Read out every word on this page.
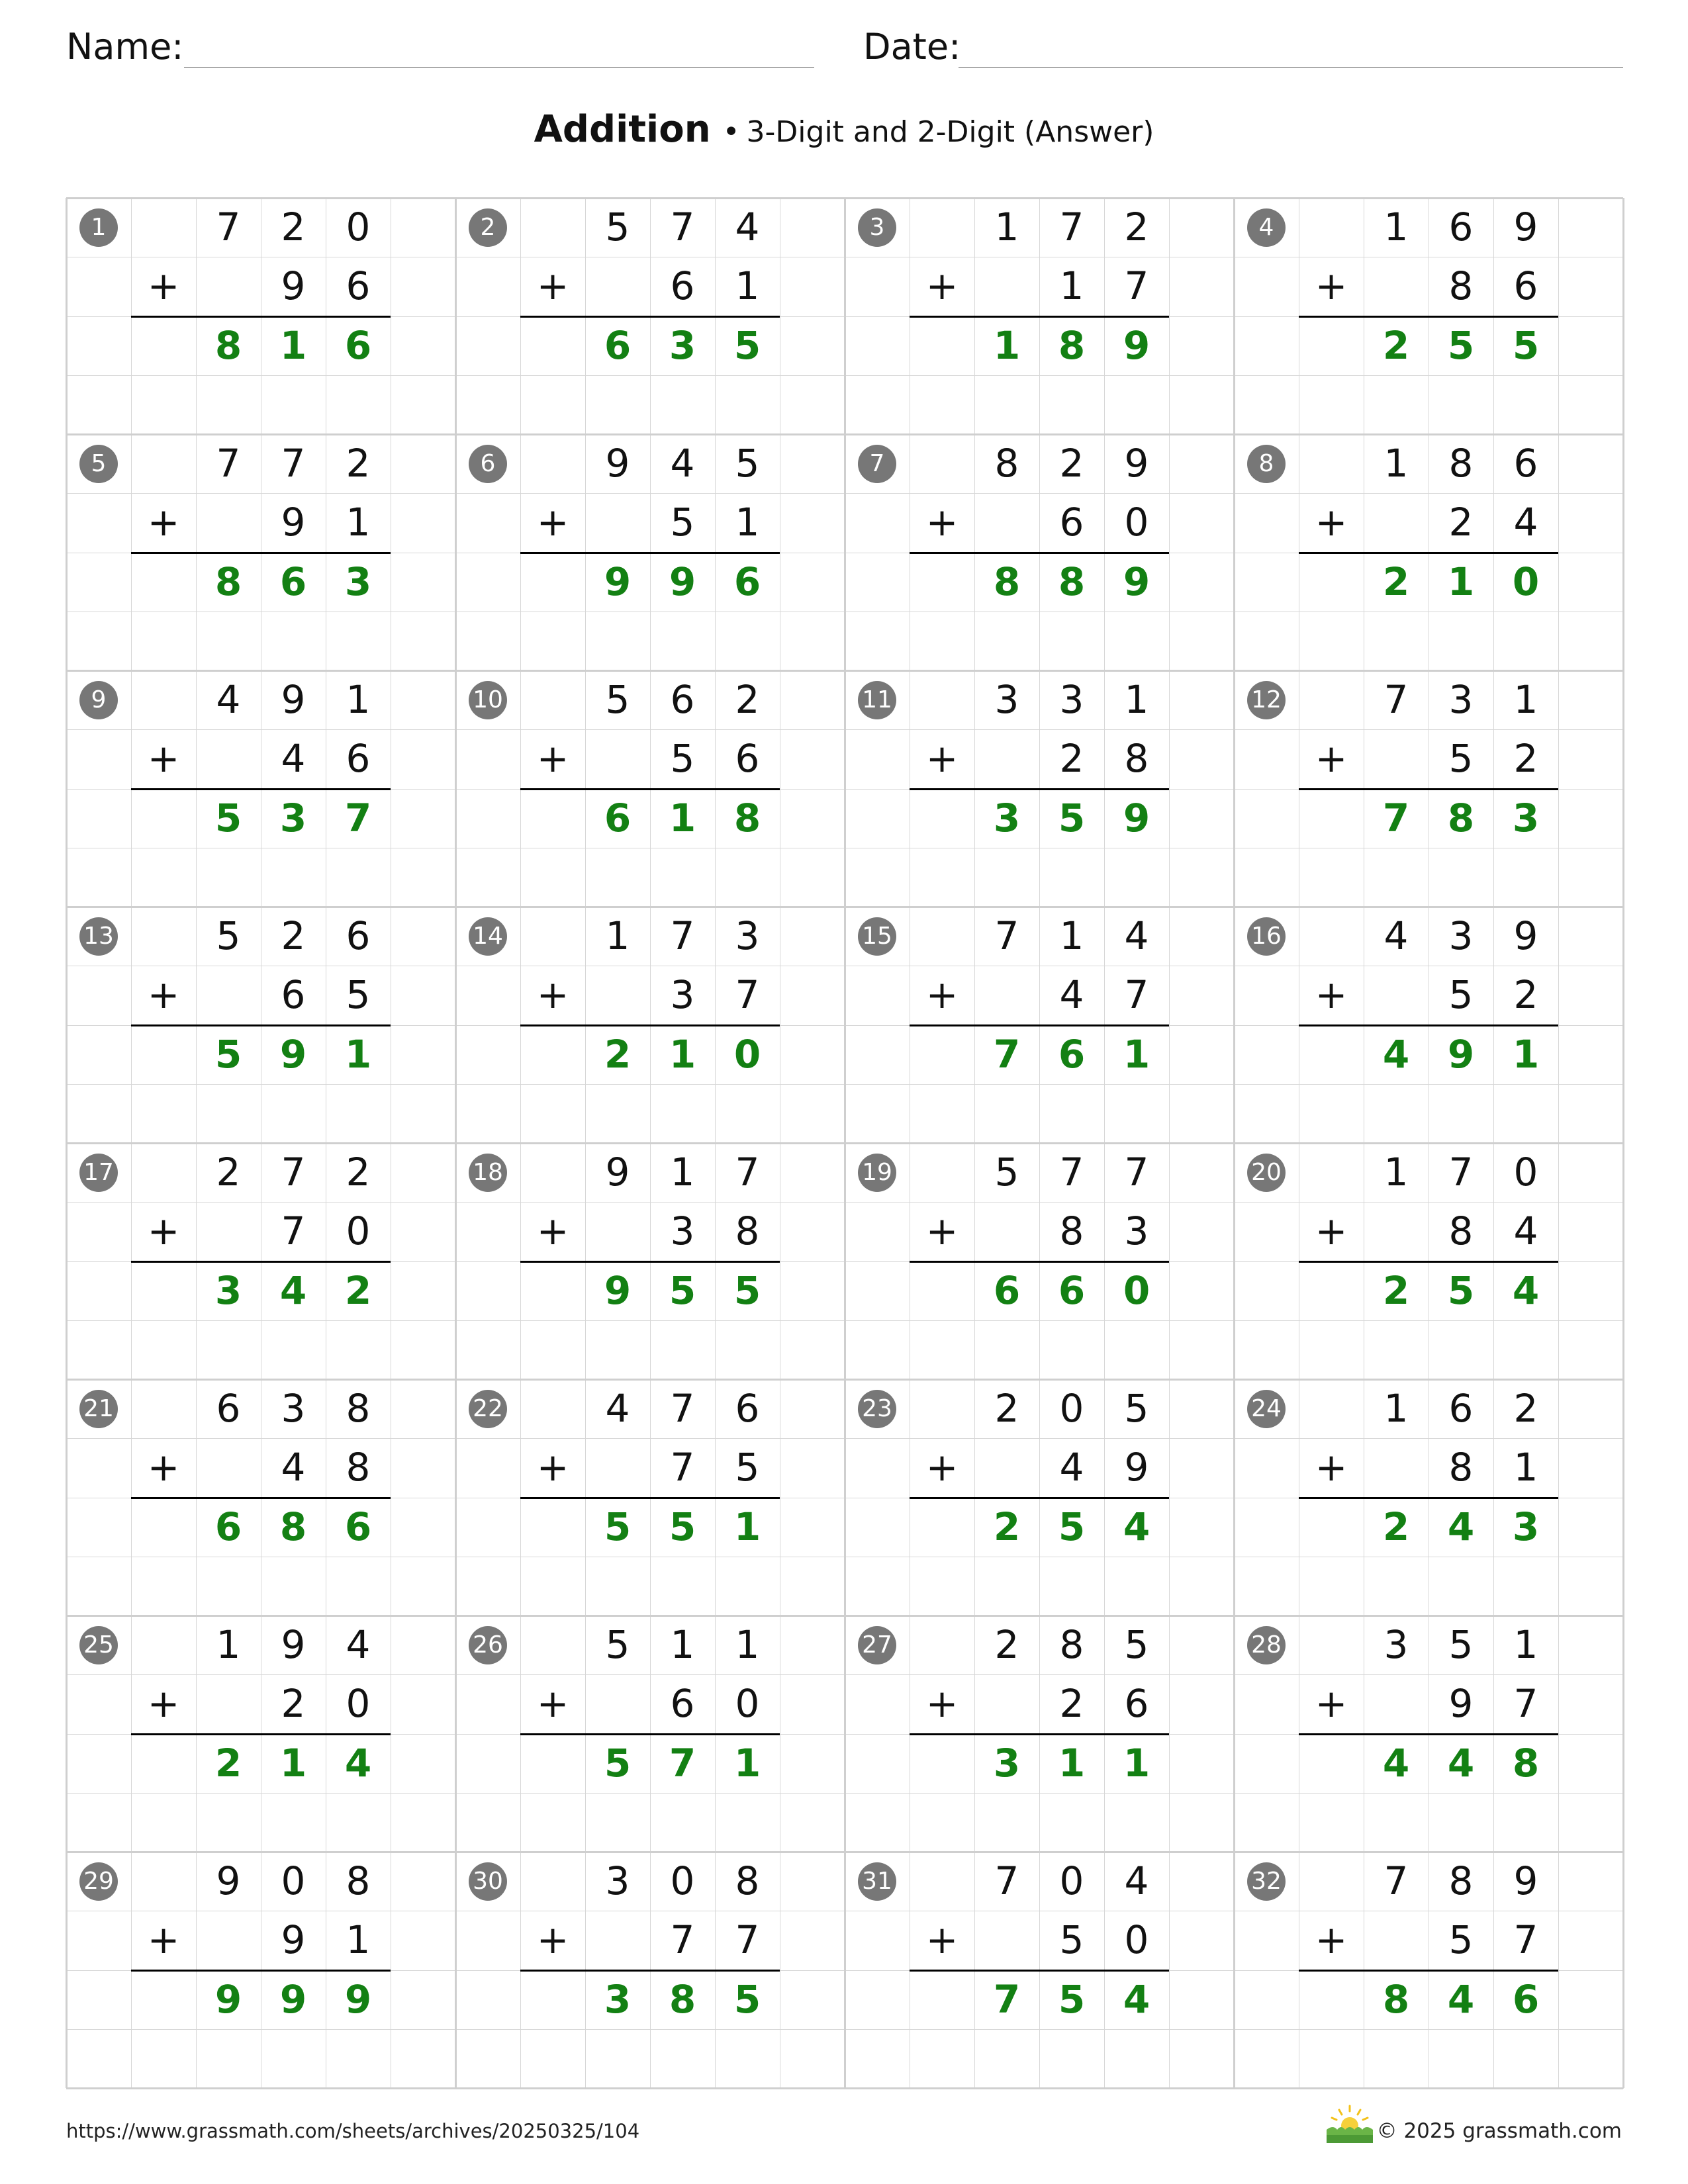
Name:	Date:
Addition • 3-Digit and 2-Digit (Answer)
1	7	2	0
+	9	6
8 1 6
2	5	7	4
+	6	1
6 3 5
3	1	7	2
+	1	7
1 8 9
4	1	6	9
+	8	6
2 5 5
5	7	7	2
+	9	1
8 6 3
6	9	4	5
+	5	1
9 9 6
7	8	2	9
+	6	0
8 8 9
8	1	8	6
+	2	4
2 1 0
9	4	9	1
+	4	6
5 3 7
10	5	6	2
+	5	6
6 1 8
11	3	3	1
+	2	8
3 5 9
12	7	3	1
+	5	2
7 8 3
13	5	2	6
+	6	5
5 9 1
14	1	7	3
+	3	7
2 1 0
15	7	1	4
+	4	7
7 6 1
16	4	3	9
+	5	2
4 9 1
17	2	7	2
+	7	0
3 4 2
18	9	1	7
+	3	8
9 5 5
19	5	7	7
+	8	3
6 6 0
20	1	7	0
+	8	4
2 5 4
21	6	3	8
+	4	8
6 8 6
22	4	7	6
+	7	5
5 5 1
23	2	0	5
+	4	9
2 5 4
24	1	6	2
+	8	1
2 4 3
25	1	9	4
+	2	0
2 1 4
26	5	1	1
+	6	0
5 7 1
27	2	8	5
+	2	6
3 1 1
28	3	5	1
+	9	7
4 4 8
29	9	0	8
+	9	1
9 9 9
30	3	0	8
+	7	7
3 8 5
31	7	0	4
+	5	0
7 5 4
32	7	8	9
+	5	7
8 4 6
https://www.grassmath.com/sheets/archives/20250325/104	© 2025 grassmath.com
